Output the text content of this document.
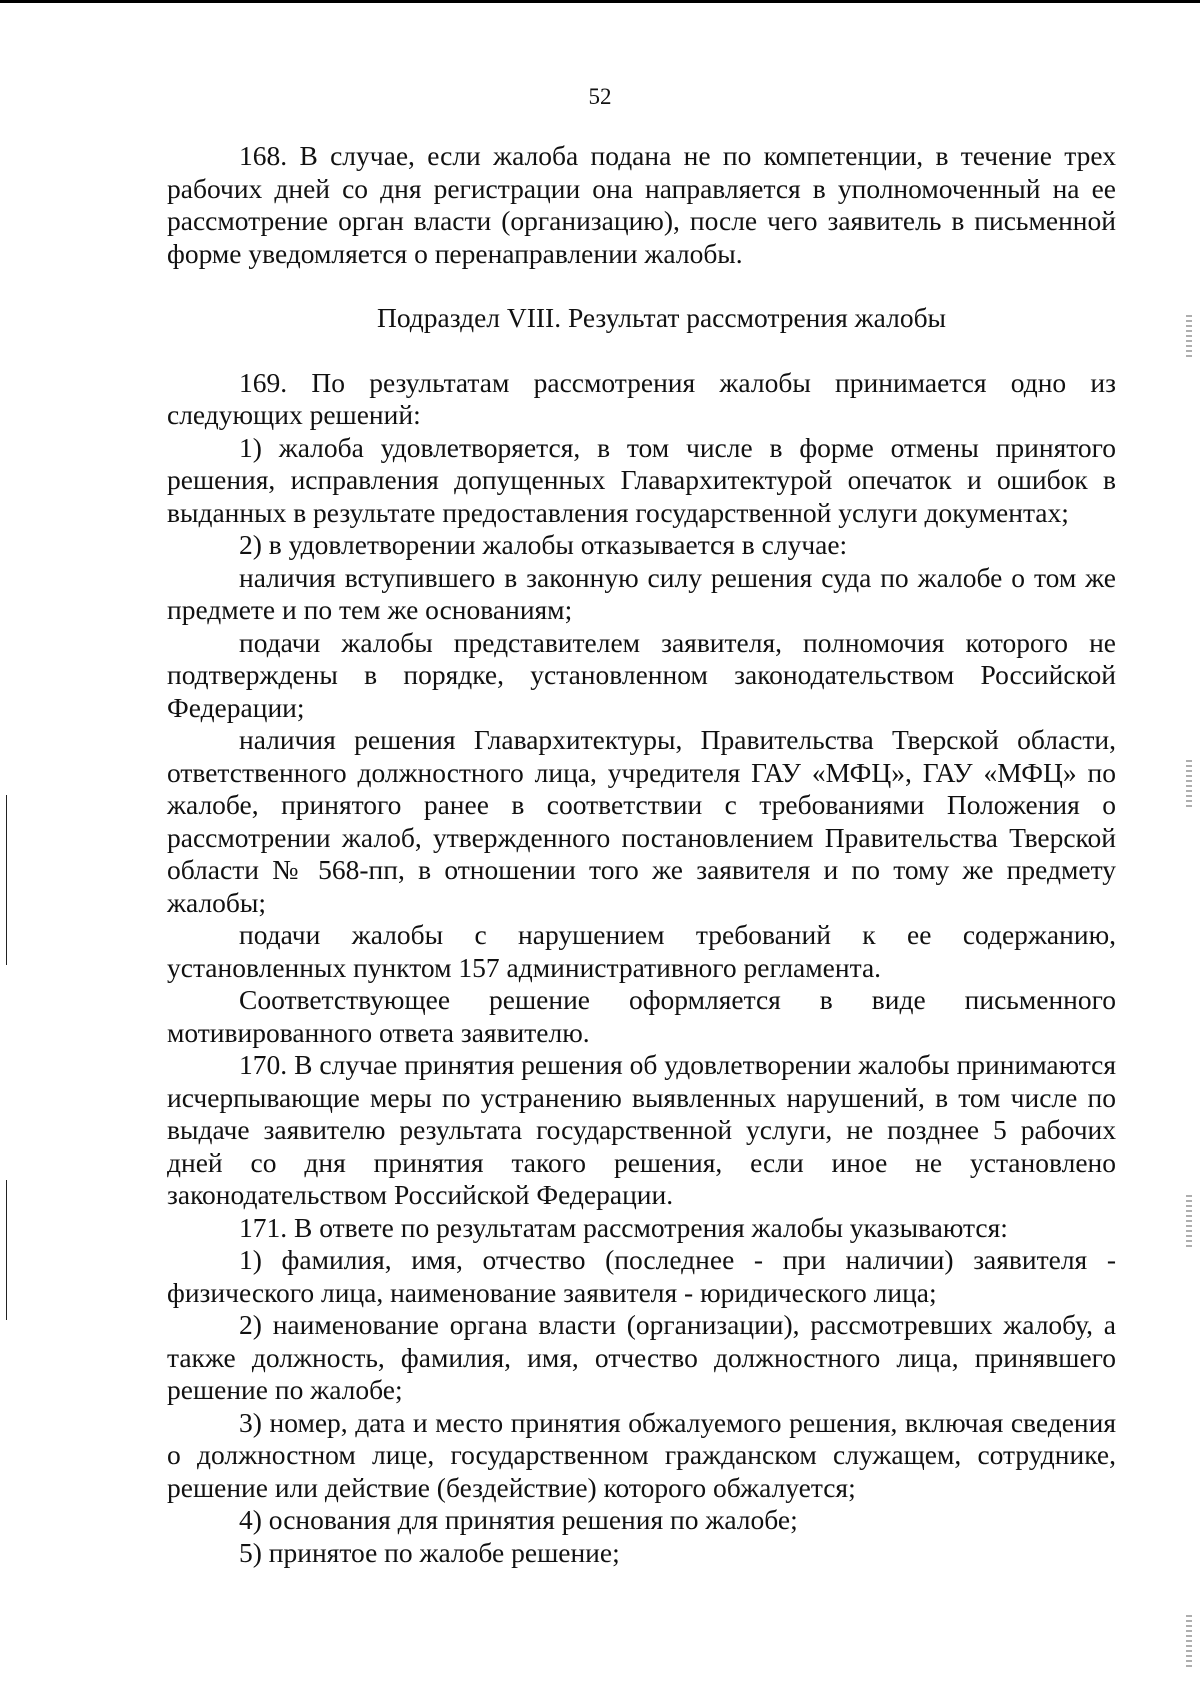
52

168. В случае, если жалоба подана не по компетенции, в течение трех рабочих дней со дня регистрации она направляется в уполномоченный на ее рассмотрение орган власти (организацию), после чего заявитель в письменной форме уведомляется о перенаправлении жалобы.

Подраздел VIII. Результат рассмотрения жалобы

169. По результатам рассмотрения жалобы принимается одно из следующих решений:

1) жалоба удовлетворяется, в том числе в форме отмены принятого решения, исправления допущенных Главархитектурой опечаток и ошибок в выданных в результате предоставления государственной услуги документах;

2) в удовлетворении жалобы отказывается в случае:

наличия вступившего в законную силу решения суда по жалобе о том же предмете и по тем же основаниям;

подачи жалобы представителем заявителя, полномочия которого не подтверждены в порядке, установленном законодательством Российской Федерации;

наличия решения Главархитектуры, Правительства Тверской области, ответственного должностного лица, учредителя ГАУ «МФЦ», ГАУ «МФЦ» по жалобе, принятого ранее в соответствии с требованиями Положения о рассмотрении жалоб, утвержденного постановлением Правительства Тверской области № 568-пп, в отношении того же заявителя и по тому же предмету жалобы;

подачи жалобы с нарушением требований к ее содержанию, установленных пунктом 157 административного регламента.

Соответствующее решение оформляется в виде письменного мотивированного ответа заявителю.

170. В случае принятия решения об удовлетворении жалобы принимаются исчерпывающие меры по устранению выявленных нарушений, в том числе по выдаче заявителю результата государственной услуги, не позднее 5 рабочих дней со дня принятия такого решения, если иное не установлено законодательством Российской Федерации.

171. В ответе по результатам рассмотрения жалобы указываются:

1) фамилия, имя, отчество (последнее - при наличии) заявителя - физического лица, наименование заявителя - юридического лица;

2) наименование органа власти (организации), рассмотревших жалобу, а также должность, фамилия, имя, отчество должностного лица, принявшего решение по жалобе;

3) номер, дата и место принятия обжалуемого решения, включая сведения о должностном лице, государственном гражданском служащем, сотруднике, решение или действие (бездействие) которого обжалуется;

4) основания для принятия решения по жалобе;

5) принятое по жалобе решение;
